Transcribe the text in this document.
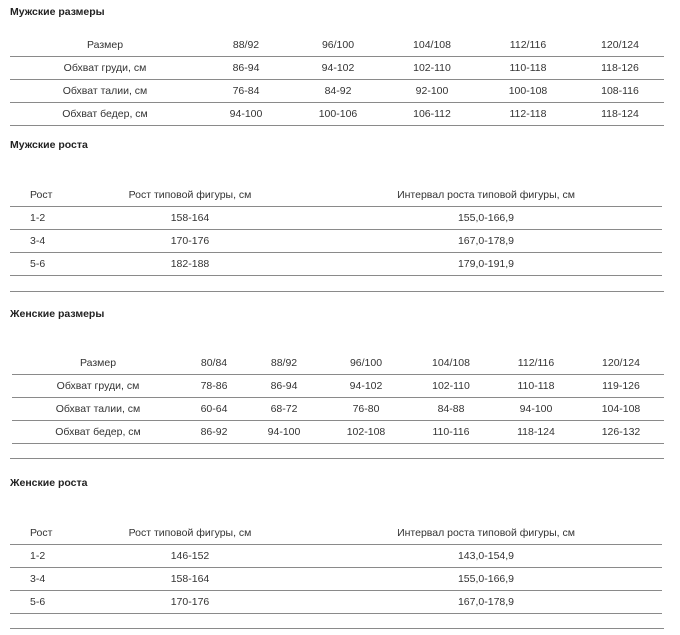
Мужские размеры
Размер	88/92	96/100	104/108	112/116	120/124
Обхват груди, см	86-94	94-102	102-110	110-118	118-126
Обхват талии, см	76-84	84-92	92-100	100-108	108-116
Обхват бедер, см	94-100	100-106	106-112	112-118	118-124
Мужские роста
Рост	Рост типовой фигуры, см	Интервал роста типовой фигуры, см
1-2	158-164	155,0-166,9
3-4	170-176	167,0-178,9
5-6	182-188	179,0-191,9
Женские размеры
Размер	80/84	88/92	96/100	104/108	112/116	120/124
Обхват груди, см	78-86	86-94	94-102	102-110	110-118	119-126
Обхват талии, см	60-64	68-72	76-80	84-88	94-100	104-108
Обхват бедер, см	86-92	94-100	102-108	110-116	118-124	126-132
Женские роста
Рост	Рост типовой фигуры, см	Интервал роста типовой фигуры, см
1-2	146-152	143,0-154,9
3-4	158-164	155,0-166,9
5-6	170-176	167,0-178,9
